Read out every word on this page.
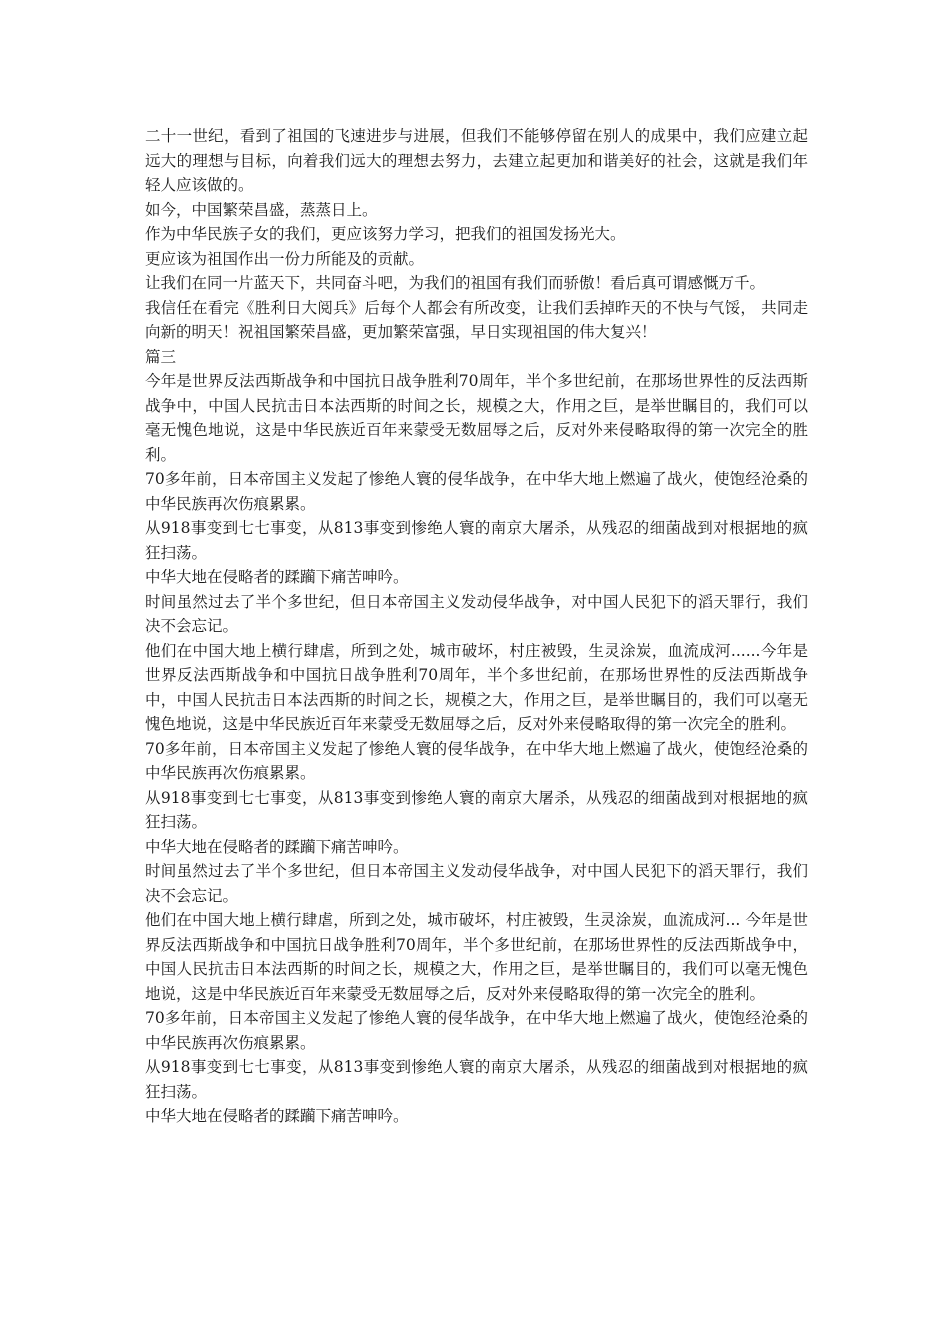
二十一世纪，看到了祖国的飞速进步与进展，但我们不能够停留在别人的成果中，我们应建立起远大的理想与目标，向着我们远大的理想去努力，去建立起更加和谐美好的社会，这就是我们年轻人应该做的。

如今，中国繁荣昌盛，蒸蒸日上。

作为中华民族子女的我们，更应该努力学习，把我们的祖国发扬光大。

更应该为祖国作出一份力所能及的贡献。

让我们在同一片蓝天下，共同奋斗吧，为我们的祖国有我们而骄傲！看后真可谓感慨万千。

我信任在看完《胜利日大阅兵》后每个人都会有所改变，让我们丢掉昨天的不快与气馁， 共同走向新的明天！祝祖国繁荣昌盛，更加繁荣富强，早日实现祖国的伟大复兴！

篇三

今年是世界反法西斯战争和中国抗日战争胜利70周年，半个多世纪前，在那场世界性的反法西斯战争中，中国人民抗击日本法西斯的时间之长，规模之大，作用之巨，是举世瞩目的，我们可以毫无愧色地说，这是中华民族近百年来蒙受无数屈辱之后，反对外来侵略取得的第一次完全的胜利。

70多年前，日本帝国主义发起了惨绝人寰的侵华战争，在中华大地上燃遍了战火，使饱经沧桑的中华民族再次伤痕累累。

从918事变到七七事变，从813事变到惨绝人寰的南京大屠杀，从残忍的细菌战到对根据地的疯狂扫荡。

中华大地在侵略者的蹂躏下痛苦呻吟。

时间虽然过去了半个多世纪，但日本帝国主义发动侵华战争，对中国人民犯下的滔天罪行，我们决不会忘记。

他们在中国大地上横行肆虐，所到之处，城市破坏，村庄被毁，生灵涂炭，血流成河......今年是世界反法西斯战争和中国抗日战争胜利70周年，半个多世纪前，在那场世界性的反法西斯战争中，中国人民抗击日本法西斯的时间之长，规模之大，作用之巨，是举世瞩目的，我们可以毫无愧色地说，这是中华民族近百年来蒙受无数屈辱之后，反对外来侵略取得的第一次完全的胜利。

70多年前，日本帝国主义发起了惨绝人寰的侵华战争，在中华大地上燃遍了战火，使饱经沧桑的中华民族再次伤痕累累。

从918事变到七七事变，从813事变到惨绝人寰的南京大屠杀，从残忍的细菌战到对根据地的疯狂扫荡。

中华大地在侵略者的蹂躏下痛苦呻吟。

时间虽然过去了半个多世纪，但日本帝国主义发动侵华战争，对中国人民犯下的滔天罪行，我们决不会忘记。

他们在中国大地上横行肆虐，所到之处，城市破坏，村庄被毁，生灵涂炭，血流成河... 今年是世界反法西斯战争和中国抗日战争胜利70周年，半个多世纪前，在那场世界性的反法西斯战争中，中国人民抗击日本法西斯的时间之长，规模之大，作用之巨，是举世瞩目的，我们可以毫无愧色地说，这是中华民族近百年来蒙受无数屈辱之后，反对外来侵略取得的第一次完全的胜利。

70多年前，日本帝国主义发起了惨绝人寰的侵华战争，在中华大地上燃遍了战火，使饱经沧桑的中华民族再次伤痕累累。

从918事变到七七事变，从813事变到惨绝人寰的南京大屠杀，从残忍的细菌战到对根据地的疯狂扫荡。

中华大地在侵略者的蹂躏下痛苦呻吟。
